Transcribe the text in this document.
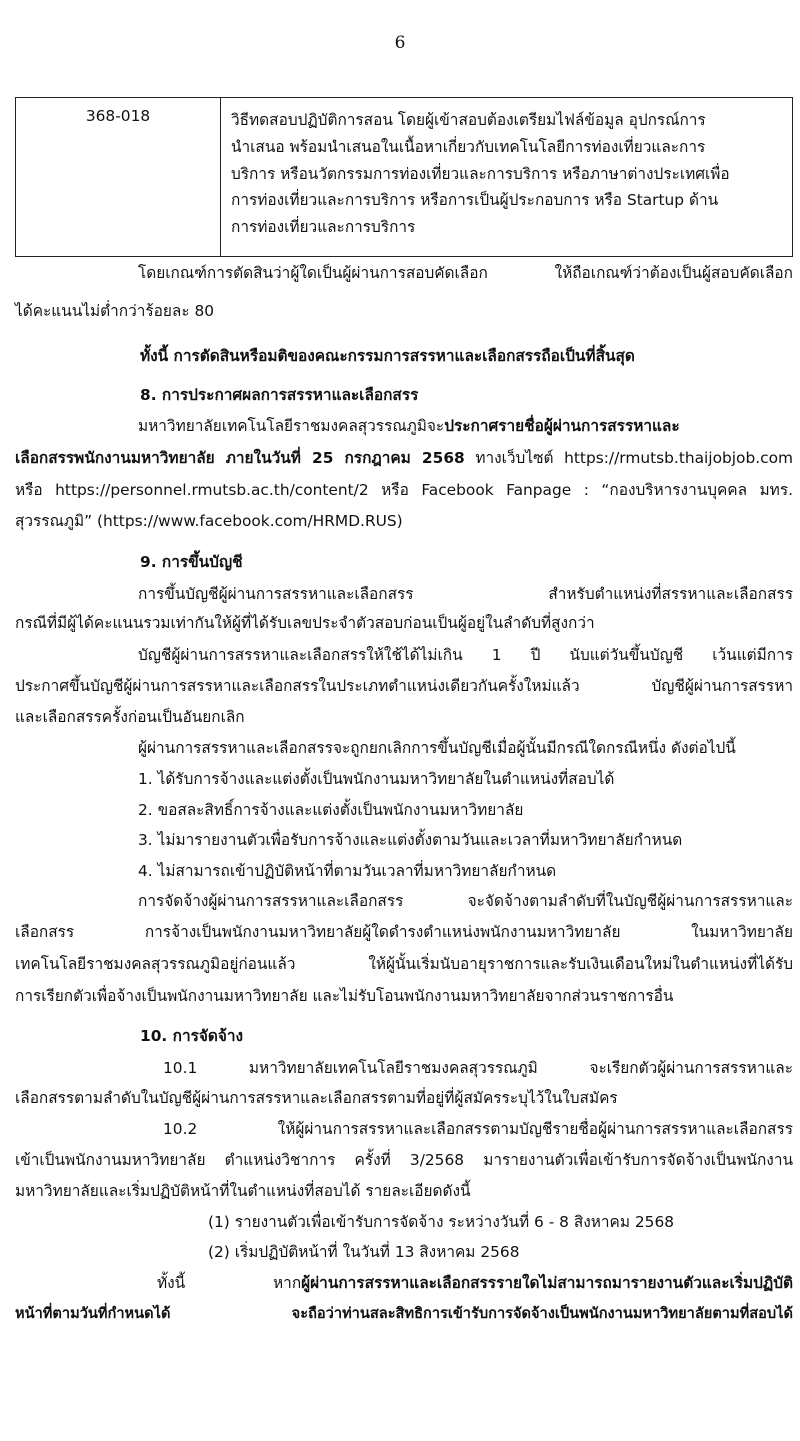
6
368-018	วิธีทดสอบปฏิบัติการสอน โดยผู้เข้าสอบต้องเตรียมไฟล์ข้อมูล อุปกรณ์การ
นำเสนอ พร้อมนำเสนอในเนื้อหาเกี่ยวกับเทคโนโลยีการท่องเที่ยวและการ
บริการ หรือนวัตกรรมการท่องเที่ยวและการบริการ หรือภาษาต่างประเทศเพื่อ
การท่องเที่ยวและการบริการ หรือการเป็นผู้ประกอบการ หรือ Startup ด้าน
การท่องเที่ยวและการบริการ
โดยเกณฑ์การตัดสินว่าผู้ใดเป็นผู้ผ่านการสอบคัดเลือก ให้ถือเกณฑ์ว่าต้องเป็นผู้สอบคัดเลือก
ได้คะแนนไม่ต่ำกว่าร้อยละ 80
ทั้งนี้ การตัดสินหรือมติของคณะกรรมการสรรหาและเลือกสรรถือเป็นที่สิ้นสุด
8. การประกาศผลการสรรหาและเลือกสรร
มหาวิทยาลัยเทคโนโลยีราชมงคลสุวรรณภูมิจะประกาศรายชื่อผู้ผ่านการสรรหาและ
เลือกสรรพนักงานมหาวิทยาลัย ภายในวันที่ 25 กรกฎาคม 2568 ทางเว็บไซต์ https://rmutsb.thaijobjob.com
หรือ https://personnel.rmutsb.ac.th/content/2 หรือ Facebook Fanpage : “กองบริหารงานบุคคล มทร.
สุวรรณภูมิ” (https://www.facebook.com/HRMD.RUS)
9. การขึ้นบัญชี
การขึ้นบัญชีผู้ผ่านการสรรหาและเลือกสรร สำหรับตำแหน่งที่สรรหาและเลือกสรร
กรณีที่มีผู้ได้คะแนนรวมเท่ากันให้ผู้ที่ได้รับเลขประจำตัวสอบก่อนเป็นผู้อยู่ในลำดับที่สูงกว่า
บัญชีผู้ผ่านการสรรหาและเลือกสรรให้ใช้ได้ไม่เกิน 1 ปี นับแต่วันขึ้นบัญชี เว้นแต่มีการ
ประกาศขึ้นบัญชีผู้ผ่านการสรรหาและเลือกสรรในประเภทตำแหน่งเดียวกันครั้งใหม่แล้ว บัญชีผู้ผ่านการสรรหา
และเลือกสรรครั้งก่อนเป็นอันยกเลิก
ผู้ผ่านการสรรหาและเลือกสรรจะถูกยกเลิกการขึ้นบัญชีเมื่อผู้นั้นมีกรณีใดกรณีหนึ่ง ดังต่อไปนี้
1. ได้รับการจ้างและแต่งตั้งเป็นพนักงานมหาวิทยาลัยในตำแหน่งที่สอบได้
2. ขอสละสิทธิ์การจ้างและแต่งตั้งเป็นพนักงานมหาวิทยาลัย
3. ไม่มารายงานตัวเพื่อรับการจ้างและแต่งตั้งตามวันและเวลาที่มหาวิทยาลัยกำหนด
4. ไม่สามารถเข้าปฏิบัติหน้าที่ตามวันเวลาที่มหาวิทยาลัยกำหนด
การจัดจ้างผู้ผ่านการสรรหาและเลือกสรร จะจัดจ้างตามลำดับที่ในบัญชีผู้ผ่านการสรรหาและ
เลือกสรร การจ้างเป็นพนักงานมหาวิทยาลัยผู้ใดดำรงตำแหน่งพนักงานมหาวิทยาลัย ในมหาวิทยาลัย
เทคโนโลยีราชมงคลสุวรรณภูมิอยู่ก่อนแล้ว ให้ผู้นั้นเริ่มนับอายุราชการและรับเงินเดือนใหม่ในตำแหน่งที่ได้รับ
การเรียกตัวเพื่อจ้างเป็นพนักงานมหาวิทยาลัย และไม่รับโอนพนักงานมหาวิทยาลัยจากส่วนราชการอื่น
10. การจัดจ้าง
10.1 มหาวิทยาลัยเทคโนโลยีราชมงคลสุวรรณภูมิ จะเรียกตัวผู้ผ่านการสรรหาและ
เลือกสรรตามลำดับในบัญชีผู้ผ่านการสรรหาและเลือกสรรตามที่อยู่ที่ผู้สมัครระบุไว้ในใบสมัคร
10.2 ให้ผู้ผ่านการสรรหาและเลือกสรรตามบัญชีรายชื่อผู้ผ่านการสรรหาและเลือกสรร
เข้าเป็นพนักงานมหาวิทยาลัย ตำแหน่งวิชาการ ครั้งที่ 3/2568 มารายงานตัวเพื่อเข้ารับการจัดจ้างเป็นพนักงาน
มหาวิทยาลัยและเริ่มปฏิบัติหน้าที่ในตำแหน่งที่สอบได้ รายละเอียดดังนี้
(1) รายงานตัวเพื่อเข้ารับการจัดจ้าง ระหว่างวันที่ 6 - 8 สิงหาคม 2568
(2) เริ่มปฏิบัติหน้าที่ ในวันที่ 13 สิงหาคม 2568
ทั้งนี้ หากผู้ผ่านการสรรหาและเลือกสรรรายใดไม่สามารถมารายงานตัวและเริ่มปฏิบัติ
หน้าที่ตามวันที่กำหนดได้ จะถือว่าท่านสละสิทธิการเข้ารับการจัดจ้างเป็นพนักงานมหาวิทยาลัยตามที่สอบได้
